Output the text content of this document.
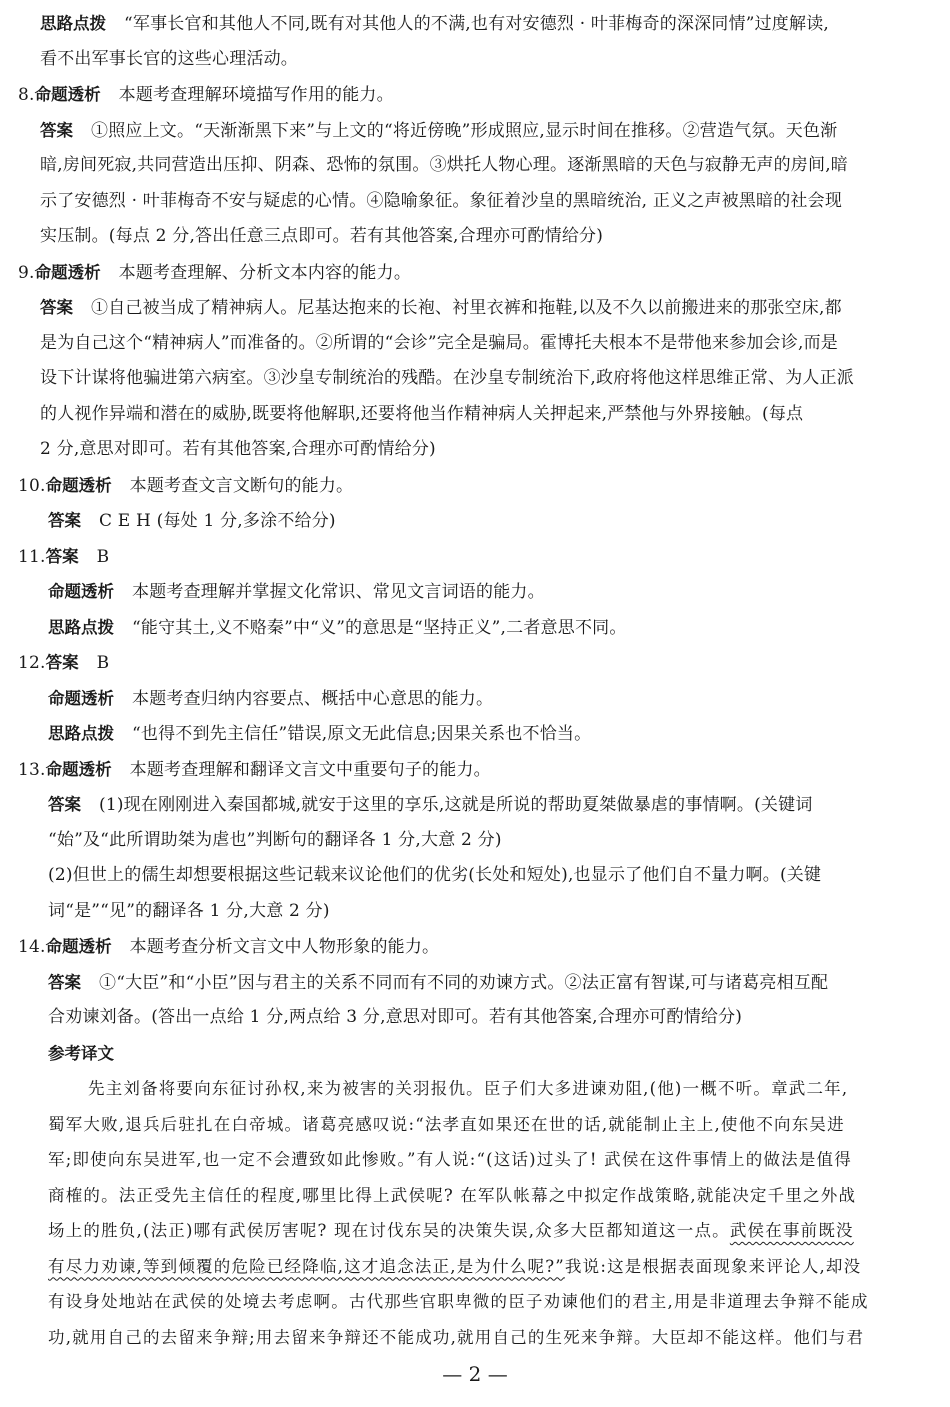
思路点拨 “军事长官和其他人不同,既有对其他人的不满,也有对安德烈 · 叶菲梅奇的深深同情”过度解读,
看不出军事长官的这些心理活动。
8.命题透析 本题考查理解环境描写作用的能力。
答案 ①照应上文。“天渐渐黑下来”与上文的“将近傍晚”形成照应,显示时间在推移。②营造气氛。天色渐
暗,房间死寂,共同营造出压抑、阴森、恐怖的氛围。③烘托人物心理。逐渐黑暗的天色与寂静无声的房间,暗
示了安德烈 · 叶菲梅奇不安与疑虑的心情。④隐喻象征。象征着沙皇的黑暗统治, 正义之声被黑暗的社会现
实压制。(每点 2 分,答出任意三点即可。若有其他答案,合理亦可酌情给分)
9.命题透析 本题考查理解、分析文本内容的能力。
答案 ①自己被当成了精神病人。尼基达抱来的长袍、衬里衣裤和拖鞋,以及不久以前搬进来的那张空床,都
是为自己这个“精神病人”而准备的。②所谓的“会诊”完全是骗局。霍博托夫根本不是带他来参加会诊,而是
设下计谋将他骗进第六病室。③沙皇专制统治的残酷。在沙皇专制统治下,政府将他这样思维正常、为人正派
的人视作异端和潜在的威胁,既要将他解职,还要将他当作精神病人关押起来,严禁他与外界接触。(每点
2 分,意思对即可。若有其他答案,合理亦可酌情给分)
10.命题透析 本题考查文言文断句的能力。
答案 C E H (每处 1 分,多涂不给分)
11.答案 B
命题透析 本题考查理解并掌握文化常识、常见文言词语的能力。
思路点拨 “能守其土,义不赂秦”中“义”的意思是“坚持正义”,二者意思不同。
12.答案 B
命题透析 本题考查归纳内容要点、概括中心意思的能力。
思路点拨 “也得不到先主信任”错误,原文无此信息;因果关系也不恰当。
13.命题透析 本题考查理解和翻译文言文中重要句子的能力。
答案 (1)现在刚刚进入秦国都城,就安于这里的享乐,这就是所说的帮助夏桀做暴虐的事情啊。(关键词
“始”及“此所谓助桀为虐也”判断句的翻译各 1 分,大意 2 分)
(2)但世上的儒生却想要根据这些记载来议论他们的优劣(长处和短处),也显示了他们自不量力啊。(关键
词“是”“见”的翻译各 1 分,大意 2 分)
14.命题透析 本题考查分析文言文中人物形象的能力。
答案 ①“大臣”和“小臣”因与君主的关系不同而有不同的劝谏方式。②法正富有智谋,可与诸葛亮相互配
合劝谏刘备。(答出一点给 1 分,两点给 3 分,意思对即可。若有其他答案,合理亦可酌情给分)
参考译文
先主刘备将要向东征讨孙权,来为被害的关羽报仇。臣子们大多进谏劝阻,(他)一概不听。章武二年,
蜀军大败,退兵后驻扎在白帝城。诸葛亮感叹说:“法孝直如果还在世的话,就能制止主上,使他不向东吴进
军;即使向东吴进军,也一定不会遭致如此惨败。”有人说:“(这话)过头了! 武侯在这件事情上的做法是值得
商榷的。法正受先主信任的程度,哪里比得上武侯呢? 在军队帐幕之中拟定作战策略,就能决定千里之外战
场上的胜负,(法正)哪有武侯厉害呢? 现在讨伐东吴的决策失误,众多大臣都知道这一点。武侯在事前既没
有尽力劝谏,等到倾覆的危险已经降临,这才追念法正,是为什么呢?”我说:这是根据表面现象来评论人,却没
有设身处地站在武侯的处境去考虑啊。古代那些官职卑微的臣子劝谏他们的君主,用是非道理去争辩不能成
功,就用自己的去留来争辩;用去留来争辩还不能成功,就用自己的生死来争辩。大臣却不能这样。他们与君
— 2 —
